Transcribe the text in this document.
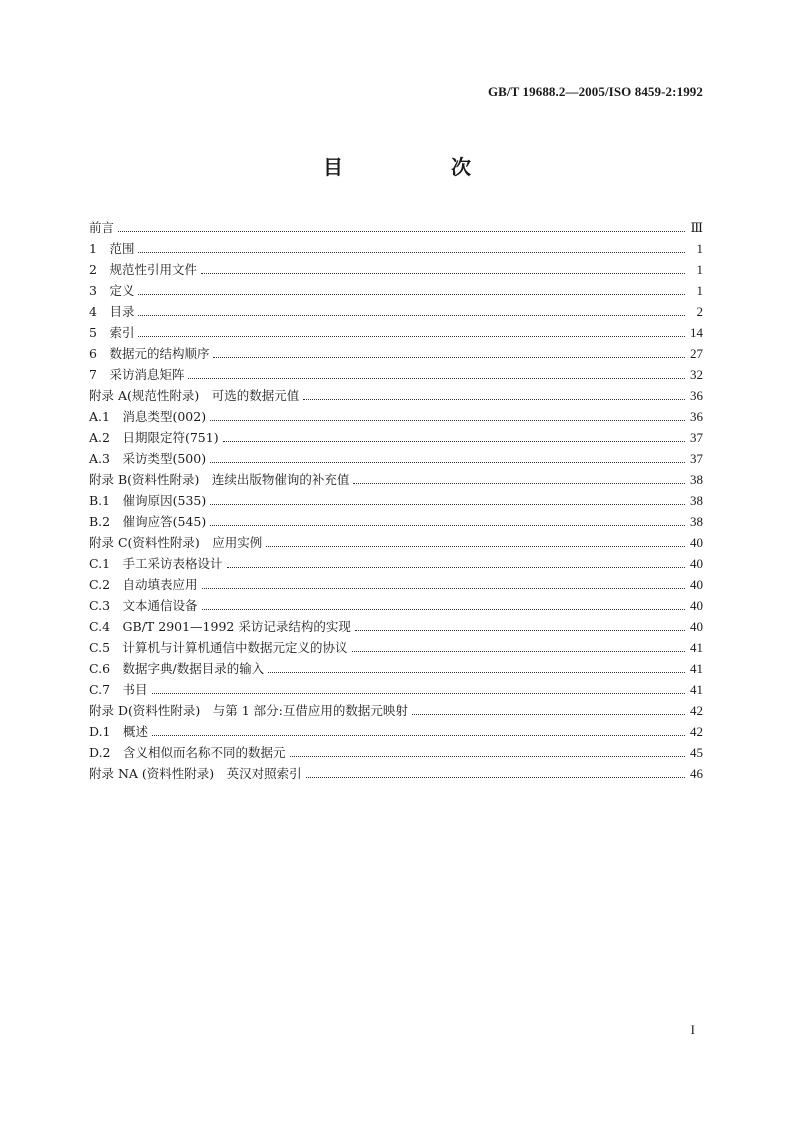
GB/T 19688.2—2005/ISO 8459-2:1992
目　次
前言	Ⅲ
1　范围	1
2　规范性引用文件	1
3　定义	1
4　目录	2
5　索引	14
6　数据元的结构顺序	27
7　采访消息矩阵	32
附录 A(规范性附录)　可选的数据元值	36
A.1　消息类型(002)	36
A.2　日期限定符(751)	37
A.3　采访类型(500)	37
附录 B(资料性附录)　连续出版物催询的补充值	38
B.1　催询原因(535)	38
B.2　催询应答(545)	38
附录 C(资料性附录)　应用实例	40
C.1　手工采访表格设计	40
C.2　自动填表应用	40
C.3　文本通信设备	40
C.4　GB/T 2901—1992 采访记录结构的实现	40
C.5　计算机与计算机通信中数据元定义的协议	41
C.6　数据字典/数据目录的输入	41
C.7　书目	41
附录 D(资料性附录)　与第 1 部分:互借应用的数据元映射	42
D.1　概述	42
D.2　含义相似而名称不同的数据元	45
附录 NA (资料性附录)　英汉对照索引	46
I
